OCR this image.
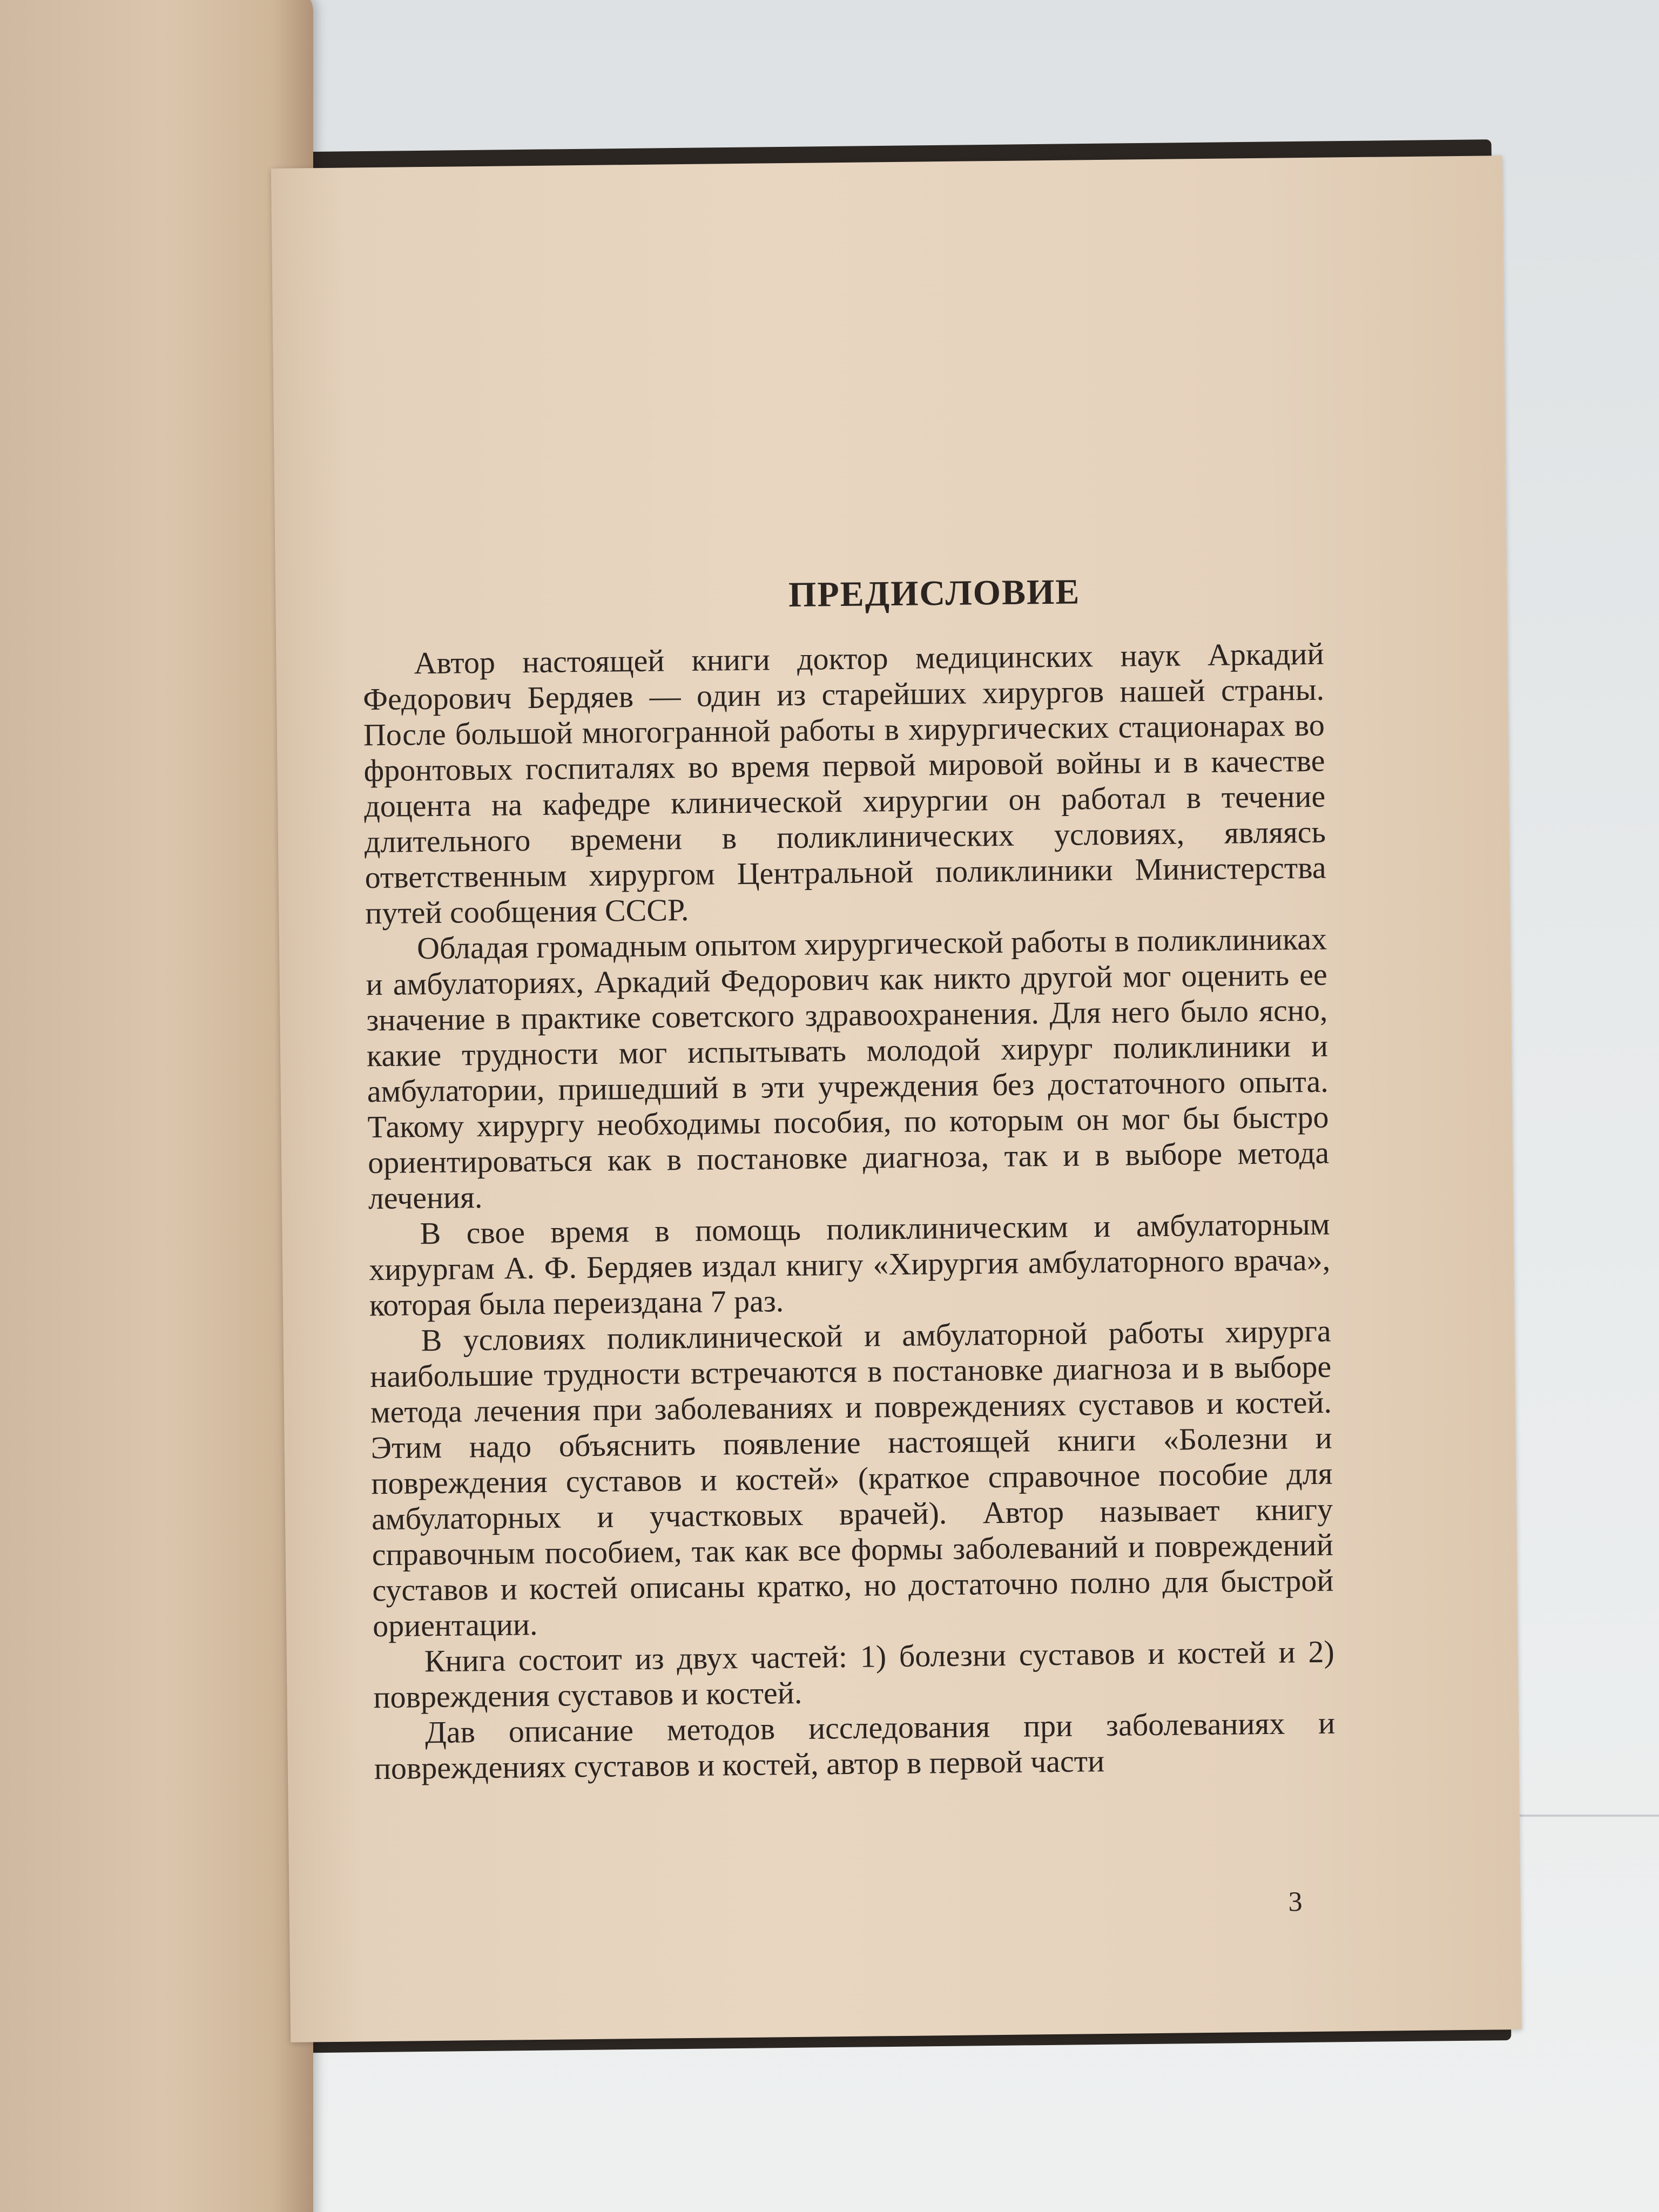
ПРЕДИСЛОВИЕ

Автор настоящей книги доктор медицинских наук Аркадий Федорович Бердяев — один из старейших хирургов нашей страны. После большой многогранной работы в хирургических стационарах во фронтовых госпиталях во время первой мировой войны и в качестве доцента на кафедре клинической хирургии он работал в течение длительного времени в поликлинических условиях, являясь ответственным хирургом Центральной поликлиники Министерства путей сообщения СССР.

Обладая громадным опытом хирургической работы в поликлиниках и амбулаториях, Аркадий Федорович как никто другой мог оценить ее значение в практике советского здравоохранения. Для него было ясно, какие трудности мог испытывать молодой хирург поликлиники и амбулатории, пришедший в эти учреждения без достаточного опыта. Такому хирургу необходимы пособия, по которым он мог бы быстро ориентироваться как в постановке диагноза, так и в выборе метода лечения.

В свое время в помощь поликлиническим и амбулаторным хирургам А. Ф. Бердяев издал книгу «Хирургия амбулаторного врача», которая была переиздана 7 раз.

В условиях поликлинической и амбулаторной работы хирурга наибольшие трудности встречаются в постановке диагноза и в выборе метода лечения при заболеваниях и повреждениях суставов и костей. Этим надо объяснить появление настоящей книги «Болезни и повреждения суставов и костей» (краткое справочное пособие для амбулаторных и участковых врачей). Автор называет книгу справочным пособием, так как все формы заболеваний и повреждений суставов и костей описаны кратко, но достаточно полно для быстрой ориентации.

Книга состоит из двух частей: 1) болезни суставов и костей и 2) повреждения суставов и костей.

Дав описание методов исследования при заболеваниях и повреждениях суставов и костей, автор в первой части

3
